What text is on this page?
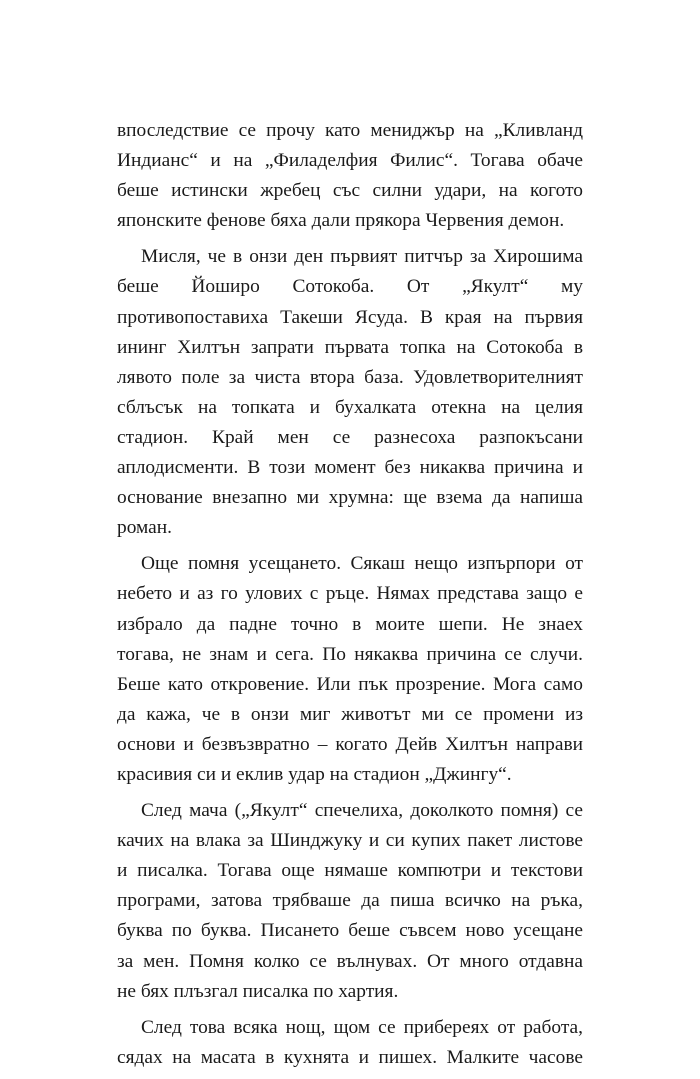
впоследствие се прочу като мениджър на „Кливланд
Индианс“ и на „Филаделфия Филис“. Тогава обаче
беше истински жребец със силни удари, на когото
японските фенове бяха дали прякора Червения демон.
Мисля, че в онзи ден първият питчър за Хирошима
беше Йоширо Сотокоба. От „Якулт“ му
противопоставиха Такеши Ясуда. В края на първия
ининг Хилтън запрати първата топка на Сотокоба в
лявото поле за чиста втора база. Удовлетворителният
сблъсък на топката и бухалката отекна на целия
стадион. Край мен се разнесоха разпокъсани
аплодисменти. В този момент без никаква причина и
основание внезапно ми хрумна: ще взема да напиша
роман.
Още помня усещането. Сякаш нещо изпърпори от
небето и аз го улових с ръце. Нямах представа защо е
избрало да падне точно в моите шепи. Не знаех
тогава, не знам и сега. По някаква причина се случи.
Беше като откровение. Или пък прозрение. Мога само
да кажа, че в онзи миг животът ми се промени из
основи и безвъзвратно – когато Дейв Хилтън направи
красивия си и еклив удар на стадион „Джингу“.
След мача („Якулт“ спечелиха, доколкото помня) се
качих на влака за Шинджуку и си купих пакет листове
и писалка. Тогава още нямаше компютри и текстови
програми, затова трябваше да пиша всичко на ръка,
буква по буква. Писането беше съвсем ново усещане
за мен. Помня колко се вълнувах. От много отдавна
не бях плъзгал писалка по хартия.
След това всяка нощ, щом се прибереях от работа,
сядах на масата в кухнята и пишех. Малките часове
